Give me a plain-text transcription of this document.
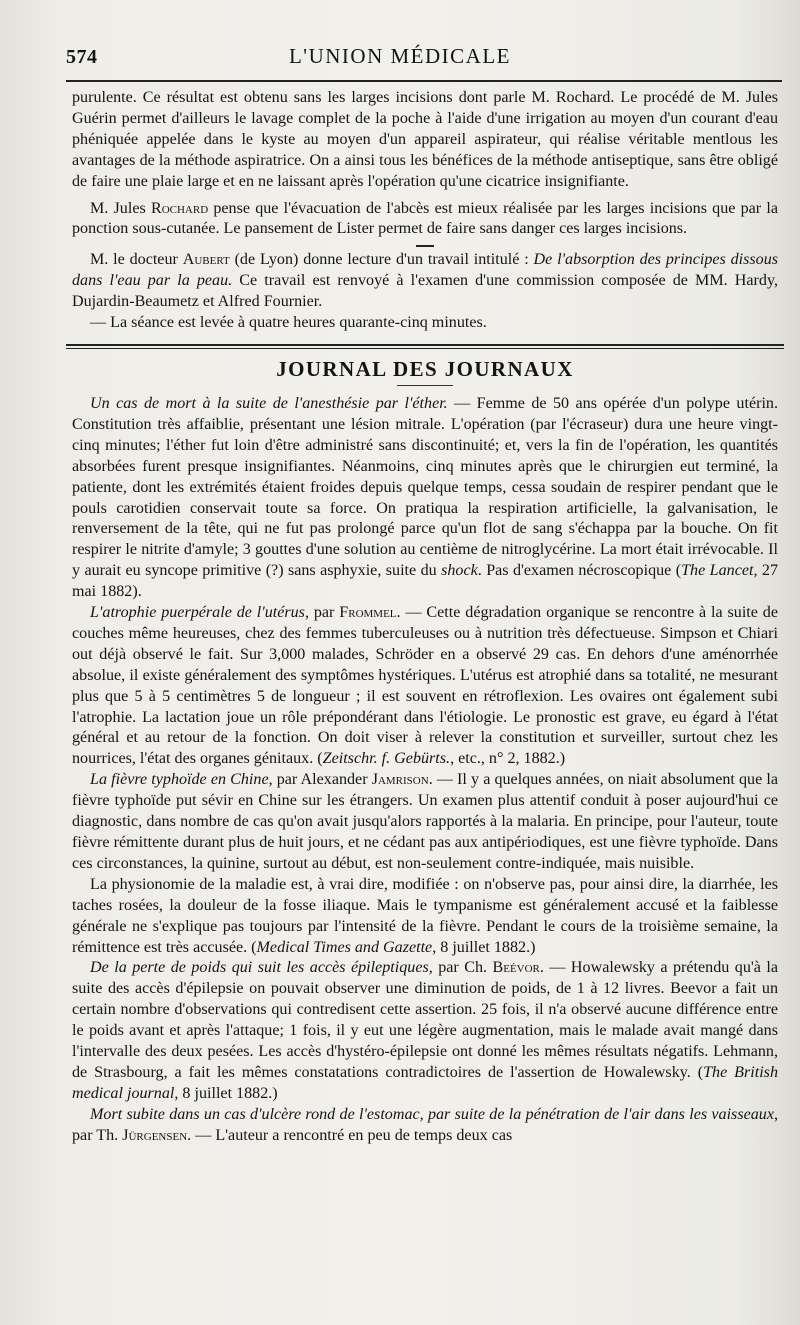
574	L'UNION MÉDICALE

purulente. Ce résultat est obtenu sans les larges incisions dont parle M. Rochard. Le procédé de M. Jules Guérin permet d'ailleurs le lavage complet de la poche à l'aide d'une irrigation au moyen d'un courant d'eau phéniquée appelée dans le kyste au moyen d'un appareil aspirateur, qui réalise véritable mentlous les avantages de la méthode aspiratrice. On a ainsi tous les bénéfices de la méthode antiseptique, sans être obligé de faire une plaie large et en ne laissant après l'opération qu'une cicatrice insignifiante.

M. Jules Rochard pense que l'évacuation de l'abcès est mieux réalisée par les larges incisions que par la ponction sous-cutanée. Le pansement de Lister permet de faire sans danger ces larges incisions.

M. le docteur Aubert (de Lyon) donne lecture d'un travail intitulé : De l'absorption des principes dissous dans l'eau par la peau. Ce travail est renvoyé à l'examen d'une commission composée de MM. Hardy, Dujardin-Beaumetz et Alfred Fournier.

— La séance est levée à quatre heures quarante-cinq minutes.

JOURNAL DES JOURNAUX

Un cas de mort à la suite de l'anesthésie par l'éther. — Femme de 50 ans opérée d'un polype utérin. Constitution très affaiblie, présentant une lésion mitrale. L'opération (par l'écraseur) dura une heure vingt-cinq minutes; l'éther fut loin d'être administré sans discontinuité; et, vers la fin de l'opération, les quantités absorbées furent presque insignifiantes. Néanmoins, cinq minutes après que le chirurgien eut terminé, la patiente, dont les extrémités étaient froides depuis quelque temps, cessa soudain de respirer pendant que le pouls carotidien conservait toute sa force. On pratiqua la respiration artificielle, la galvanisation, le renversement de la tête, qui ne fut pas prolongé parce qu'un flot de sang s'échappa par la bouche. On fit respirer le nitrite d'amyle; 3 gouttes d'une solution au centième de nitroglycérine. La mort était irrévocable. Il y aurait eu syncope primitive (?) sans asphyxie, suite du shock. Pas d'examen nécroscopique (The Lancet, 27 mai 1882).

L'atrophie puerpérale de l'utérus, par Frommel. — Cette dégradation organique se rencontre à la suite de couches même heureuses, chez des femmes tuberculeuses ou à nutrition très défectueuse. Simpson et Chiari out déjà observé le fait. Sur 3,000 malades, Schröder en a observé 29 cas. En dehors d'une aménorrhée absolue, il existe généralement des symptômes hystériques. L'utérus est atrophié dans sa totalité, ne mesurant plus que 5 à 5 centimètres 5 de longueur ; il est souvent en rétroflexion. Les ovaires ont également subi l'atrophie. La lactation joue un rôle prépondérant dans l'étiologie. Le pronostic est grave, eu égard à l'état général et au retour de la fonction. On doit viser à relever la constitution et surveiller, surtout chez les nourrices, l'état des organes génitaux. (Zeitschr. f. Gebürts., etc., n° 2, 1882.)

La fièvre typhoïde en Chine, par Alexander Jamrison. — Il y a quelques années, on niait absolument que la fièvre typhoïde put sévir en Chine sur les étrangers. Un examen plus attentif conduit à poser aujourd'hui ce diagnostic, dans nombre de cas qu'on avait jusqu'alors rapportés à la malaria. En principe, pour l'auteur, toute fièvre rémittente durant plus de huit jours, et ne cédant pas aux antipériodiques, est une fièvre typhoïde. Dans ces circonstances, la quinine, surtout au début, est non-seulement contre-indiquée, mais nuisible.

La physionomie de la maladie est, à vrai dire, modifiée : on n'observe pas, pour ainsi dire, la diarrhée, les taches rosées, la douleur de la fosse iliaque. Mais le tympanisme est généralement accusé et la faiblesse générale ne s'explique pas toujours par l'intensité de la fièvre. Pendant le cours de la troisième semaine, la rémittence est très accusée. (Medical Times and Gazette, 8 juillet 1882.)

De la perte de poids qui suit les accès épileptiques, par Ch. Beévor. — Howalewsky a prétendu qu'à la suite des accès d'épilepsie on pouvait observer une diminution de poids, de 1 à 12 livres. Beevor a fait un certain nombre d'observations qui contredisent cette assertion. 25 fois, il n'a observé aucune différence entre le poids avant et après l'attaque; 1 fois, il y eut une légère augmentation, mais le malade avait mangé dans l'intervalle des deux pesées. Les accès d'hystéro-épilepsie ont donné les mêmes résultats négatifs. Lehmann, de Strasbourg, a fait les mêmes constatations contradictoires de l'assertion de Howalewsky. (The British medical journal, 8 juillet 1882.)

Mort subite dans un cas d'ulcère rond de l'estomac, par suite de la pénétration de l'air dans les vaisseaux, par Th. Jürgensen. — L'auteur a rencontré en peu de temps deux cas
